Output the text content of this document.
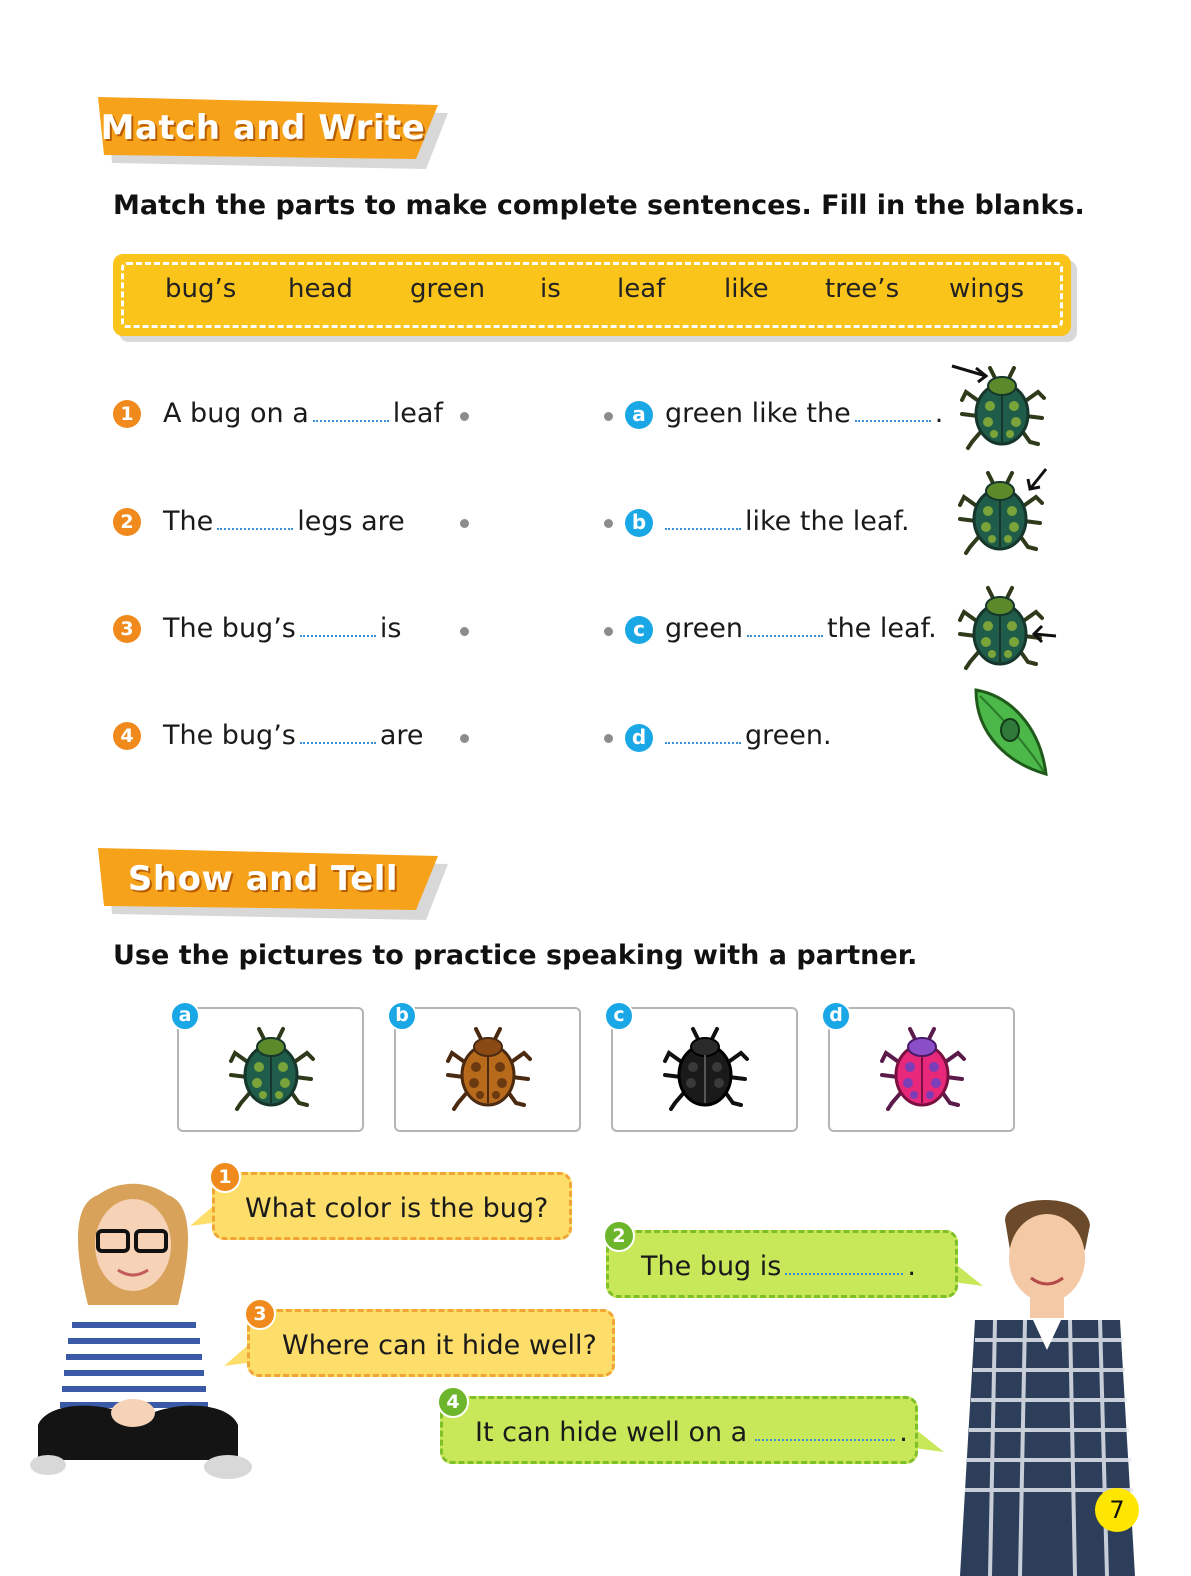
Match and Write
Match the parts to make complete sentences. Fill in the blanks.
bug’s head green is leaf like tree’s wings
1 A bug on a	leaf
2 The	legs are
3 The bug’s	is
4 The bug’s	are
a green like the	.
b	like the leaf.
c green	the leaf.
d	green.
Show and Tell
Use the pictures to practice speaking with a partner.
a	b	c	d
What color is the bug?
1
The bug is	.
2
Where can it hide well?
3
It can hide well on a	.
4
7
